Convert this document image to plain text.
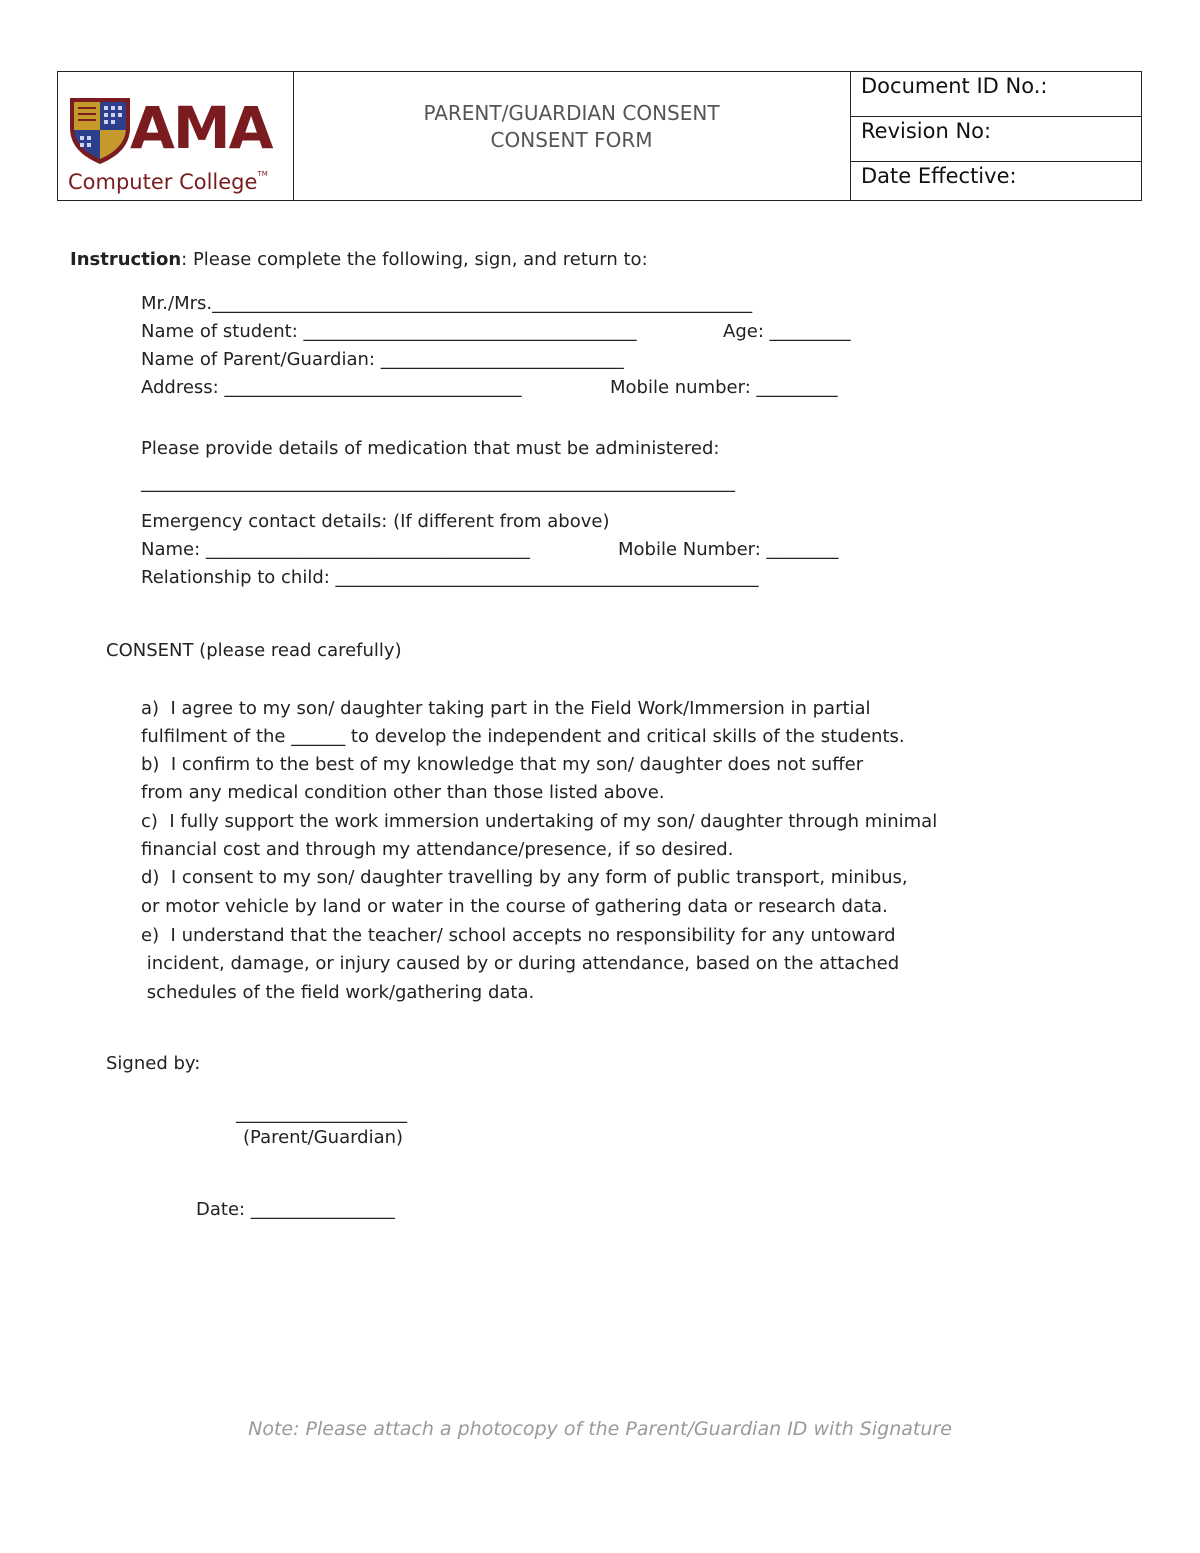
AMA
Computer College™
PARENT/GUARDIAN CONSENT
CONSENT FORM
Document ID No.:
Revision No:
Date Effective:
Instruction: Please complete the following, sign, and return to:
Mr./Mrs.____________________________________________________________
Name of student: _____________________________________	Age: _________
Name of Parent/Guardian: ___________________________
Address: _________________________________	Mobile number: _________
Please provide details of medication that must be administered:
__________________________________________________________________
Emergency contact details: (If different from above)
Name: ____________________________________	Mobile Number: ________
Relationship to child: _______________________________________________
CONSENT (please read carefully)
a)  I agree to my son/ daughter taking part in the Field Work/Immersion in partial
fulfilment of the ______ to develop the independent and critical skills of the students.
b)  I confirm to the best of my knowledge that my son/ daughter does not suffer
from any medical condition other than those listed above.
c)  I fully support the work immersion undertaking of my son/ daughter through minimal
financial cost and through my attendance/presence, if so desired.
d)  I consent to my son/ daughter travelling by any form of public transport, minibus,
or motor vehicle by land or water in the course of gathering data or research data.
e)  I understand that the teacher/ school accepts no responsibility for any untoward
incident, damage, or injury caused by or during attendance, based on the attached
schedules of the field work/gathering data.
Signed by:
___________________
(Parent/Guardian)
Date: ________________
Note: Please attach a photocopy of the Parent/Guardian ID with Signature
